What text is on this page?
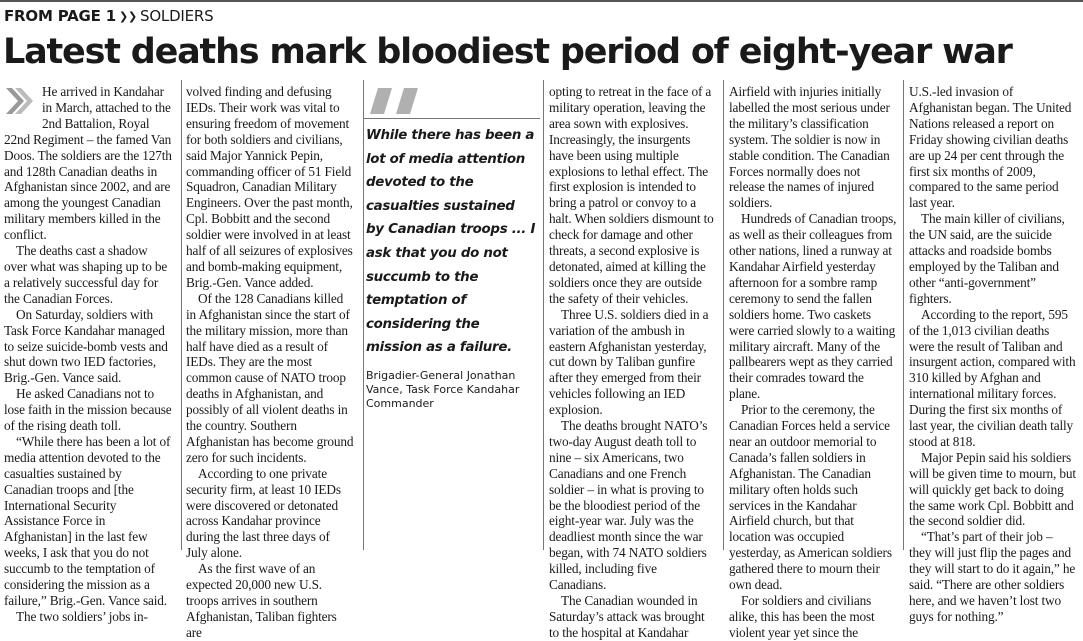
FROM PAGE 1 ❯❯ SOLDIERS
Latest deaths mark bloodiest period of eight-year war

He arrived in Kandahar in March, attached to the 2nd Battalion, Royal 22nd Regiment – the famed Van Doos. The soldiers are the 127th and 128th Canadian deaths in Afghanistan since 2002, and are among the youngest Canadian military members killed in the conflict.

The deaths cast a shadow over what was shaping up to be a relatively successful day for the Canadian Forces.

On Saturday, soldiers with Task Force Kandahar managed to seize suicide-bomb vests and shut down two IED factories, Brig.-Gen. Vance said.

He asked Canadians not to lose faith in the mission because of the rising death toll.

“While there has been a lot of media attention devoted to the casualties sustained by Canadian troops and [the International Security Assistance Force in Afghanistan] in the last few weeks, I ask that you do not succumb to the temptation of considering the mission as a failure,” Brig.-Gen. Vance said.

The two soldiers’ jobs in-

volved finding and defusing IEDs. Their work was vital to ensuring freedom of movement for both soldiers and civilians, said Major Yannick Pepin, commanding officer of 51 Field Squadron, Canadian Military Engineers. Over the past month, Cpl. Bobbitt and the second soldier were involved in at least half of all seizures of explosives and bomb-making equipment, Brig.-Gen. Vance added.

Of the 128 Canadians killed in Afghanistan since the start of the military mission, more than half have died as a result of IEDs. They are the most common cause of NATO troop deaths in Afghanistan, and possibly of all violent deaths in the country. Southern Afghanistan has become ground zero for such incidents.

According to one private security firm, at least 10 IEDs were discovered or detonated across Kandahar province during the last three days of July alone.

As the first wave of an expected 20,000 new U.S. troops arrives in southern Afghanistan, Taliban fighters are

While there has been a lot of media attention devoted to the casualties sustained by Canadian troops ... I ask that you do not succumb to the temptation of considering the mission as a failure.

Brigadier-General Jonathan Vance, Task Force Kandahar Commander

opting to retreat in the face of a military operation, leaving the area sown with explosives. Increasingly, the insurgents have been using multiple explosions to lethal effect. The first explosion is intended to bring a patrol or convoy to a halt. When soldiers dismount to check for damage and other threats, a second explosive is detonated, aimed at killing the soldiers once they are outside the safety of their vehicles.

Three U.S. soldiers died in a variation of the ambush in eastern Afghanistan yesterday, cut down by Taliban gunfire after they emerged from their vehicles following an IED explosion.

The deaths brought NATO’s two-day August death toll to nine – six Americans, two Canadians and one French soldier – in what is proving to be the bloodiest period of the eight-year war. July was the deadliest month since the war began, with 74 NATO soldiers killed, including five Canadians.

The Canadian wounded in Saturday’s attack was brought to the hospital at Kandahar

Airfield with injuries initially labelled the most serious under the military’s classification system. The soldier is now in stable condition. The Canadian Forces normally does not release the names of injured soldiers.

Hundreds of Canadian troops, as well as their colleagues from other nations, lined a runway at Kandahar Airfield yesterday afternoon for a sombre ramp ceremony to send the fallen soldiers home. Two caskets were carried slowly to a waiting military aircraft. Many of the pallbearers wept as they carried their comrades toward the plane.

Prior to the ceremony, the Canadian Forces held a service near an outdoor memorial to Canada’s fallen soldiers in Afghanistan. The Canadian military often holds such services in the Kandahar Airfield church, but that location was occupied yesterday, as American soldiers gathered there to mourn their own dead.

For soldiers and civilians alike, this has been the most violent year yet since the

U.S.-led invasion of Afghanistan began. The United Nations released a report on Friday showing civilian deaths are up 24 per cent through the first six months of 2009, compared to the same period last year.

The main killer of civilians, the UN said, are the suicide attacks and roadside bombs employed by the Taliban and other “anti-government” fighters.

According to the report, 595 of the 1,013 civilian deaths were the result of Taliban and insurgent action, compared with 310 killed by Afghan and international military forces. During the first six months of last year, the civilian death tally stood at 818.

Major Pepin said his soldiers will be given time to mourn, but will quickly get back to doing the same work Cpl. Bobbitt and the second soldier did.

“That’s part of their job – they will just flip the pages and they will start to do it again,” he said. “There are other soldiers here, and we haven’t lost two guys for nothing.”
